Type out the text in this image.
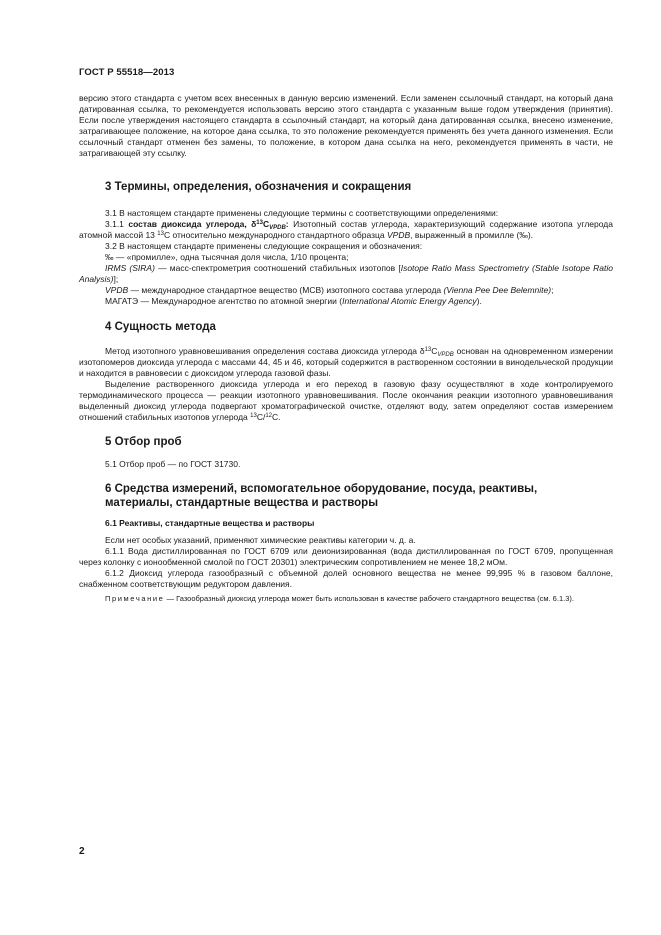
ГОСТ Р 55518—2013

версию этого стандарта с учетом всех внесенных в данную версию изменений. Если заменен ссылочный стандарт, на который дана датированная ссылка, то рекомендуется использовать версию этого стандарта с указанным выше годом утверждения (принятия). Если после утверждения настоящего стандарта в ссылочный стандарт, на который дана датированная ссылка, внесено изменение, затрагивающее положение, на которое дана ссылка, то это положение рекомендуется применять без учета данного изменения. Если ссылочный стандарт отменен без замены, то положение, в котором дана ссылка на него, рекомендуется применять в части, не затрагивающей эту ссылку.

3 Термины, определения, обозначения и сокращения

3.1 В настоящем стандарте применены следующие термины с соответствующими определениями:

3.1.1 состав диоксида углерода, $\delta^{13}C_{VPDB}$: Изотопный состав углерода, характеризующий содержание изотопа углерода атомной массой 13 $^{13}$С относительно международного стандартного образца VPDB, выраженный в промилле (‰).

3.2 В настоящем стандарте применены следующие сокращения и обозначения:

‰ — «промилле», одна тысячная доля числа, 1/10 процента;

IRMS (SIRA) — масс-спектрометрия соотношений стабильных изотопов [Isotope Ratio Mass Spectrometry (Stable Isotope Ratio Analysis)];

VPDB — международное стандартное вещество (МСВ) изотопного состава углерода (Vienna Pee Dee Belemnite);

МАГАТЭ — Международное агентство по атомной энергии (International Atomic Energy Agency).

4 Сущность метода

Метод изотопного уравновешивания определения состава диоксида углерода $\delta^{13}C_{VPDB}$ основан на одновременном измерении изотопомеров диоксида углерода с массами 44, 45 и 46, который содержится в растворенном состоянии в винодельческой продукции и находится в равновесии с диоксидом углерода газовой фазы.

Выделение растворенного диоксида углерода и его переход в газовую фазу осуществляют в ходе контролируемого термодинамического процесса — реакции изотопного уравновешивания. После окончания реакции изотопного уравновешивания выделенный диоксид углерода подвергают хроматографической очистке, отделяют воду, затем определяют состав измерением отношений стабильных изотопов углерода $^{13}$С/$^{12}$С.

5 Отбор проб

5.1 Отбор проб — по ГОСТ 31730.

6 Средства измерений, вспомогательное оборудование, посуда, реактивы,
материалы, стандартные вещества и растворы
6.1 Реактивы, стандартные вещества и растворы

Если нет особых указаний, применяют химические реактивы категории ч. д. а.

6.1.1 Вода дистиллированная по ГОСТ 6709 или деионизированная (вода дистиллированная по ГОСТ 6709, пропущенная через колонку с ионообменной смолой по ГОСТ 20301) электрическим сопротивлением не менее 18,2 мОм.

6.1.2 Диоксид углерода газообразный с объемной долей основного вещества не менее 99,995 % в газовом баллоне, снабженном соответствующим редуктором давления.

Примечание — Газообразный диоксид углерода может быть использован в качестве рабочего стандартного вещества (см. 6.1.3).

2
